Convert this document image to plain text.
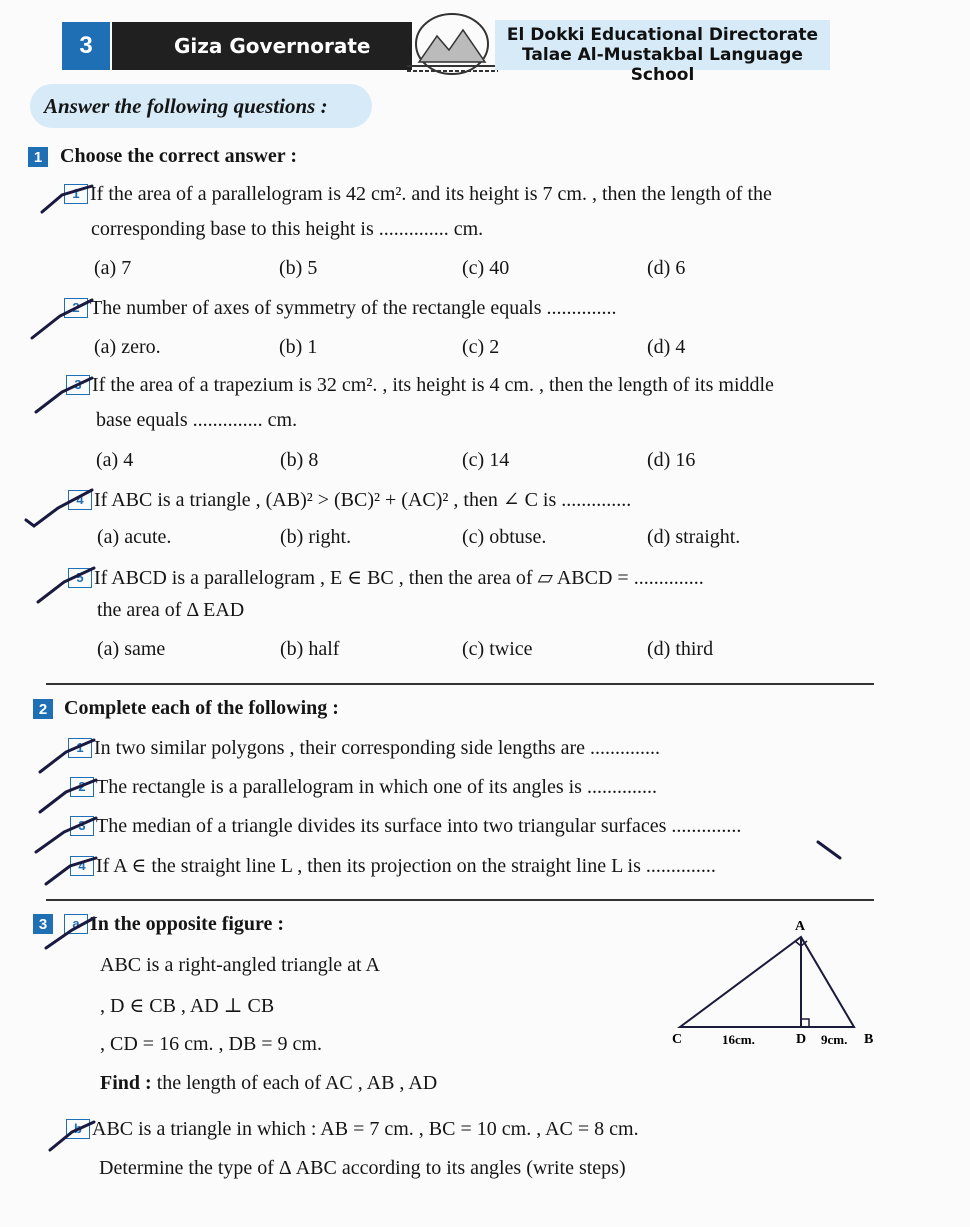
3	Giza Governorate	El Dokki Educational Directorate
Talae Al-Mustakbal Language School
Answer the following questions :
1 Choose the correct answer :
1 If the area of a parallelogram is 42 cm². and its height is 7 cm. , then the length of the
corresponding base to this height is .............. cm.
(a) 7	(b) 5	(c) 40	(d) 6
2 The number of axes of symmetry of the rectangle equals ..............
(a) zero.	(b) 1	(c) 2	(d) 4
3 If the area of a trapezium is 32 cm². , its height is 4 cm. , then the length of its middle
base equals .............. cm.
(a) 4	(b) 8	(c) 14	(d) 16
4 If ABC is a triangle , (AB)² > (BC)² + (AC)² , then ∠ C is ..............
(a) acute.	(b) right.	(c) obtuse.	(d) straight.
5 If ABCD is a parallelogram , E ∈ BC , then the area of ▱ ABCD = ..............
the area of Δ EAD
(a) same	(b) half	(c) twice	(d) third
2 Complete each of the following :
1 In two similar polygons , their corresponding side lengths are ..............
2 The rectangle is a parallelogram in which one of its angles is ..............
3 The median of a triangle divides its surface into two triangular surfaces ..............
4 If A ∈ the straight line L , then its projection on the straight line L is ..............
3	a In the opposite figure :
ABC is a right-angled triangle at A
, D ∈ CB , AD ⊥ CB
, CD = 16 cm. , DB = 9 cm.
Find : the length of each of AC , AB , AD
b ABC is a triangle in which : AB = 7 cm. , BC = 10 cm. , AC = 8 cm.
Determine the type of Δ ABC according to its angles (write steps)
A
C	D	B
16cm.	9cm.
